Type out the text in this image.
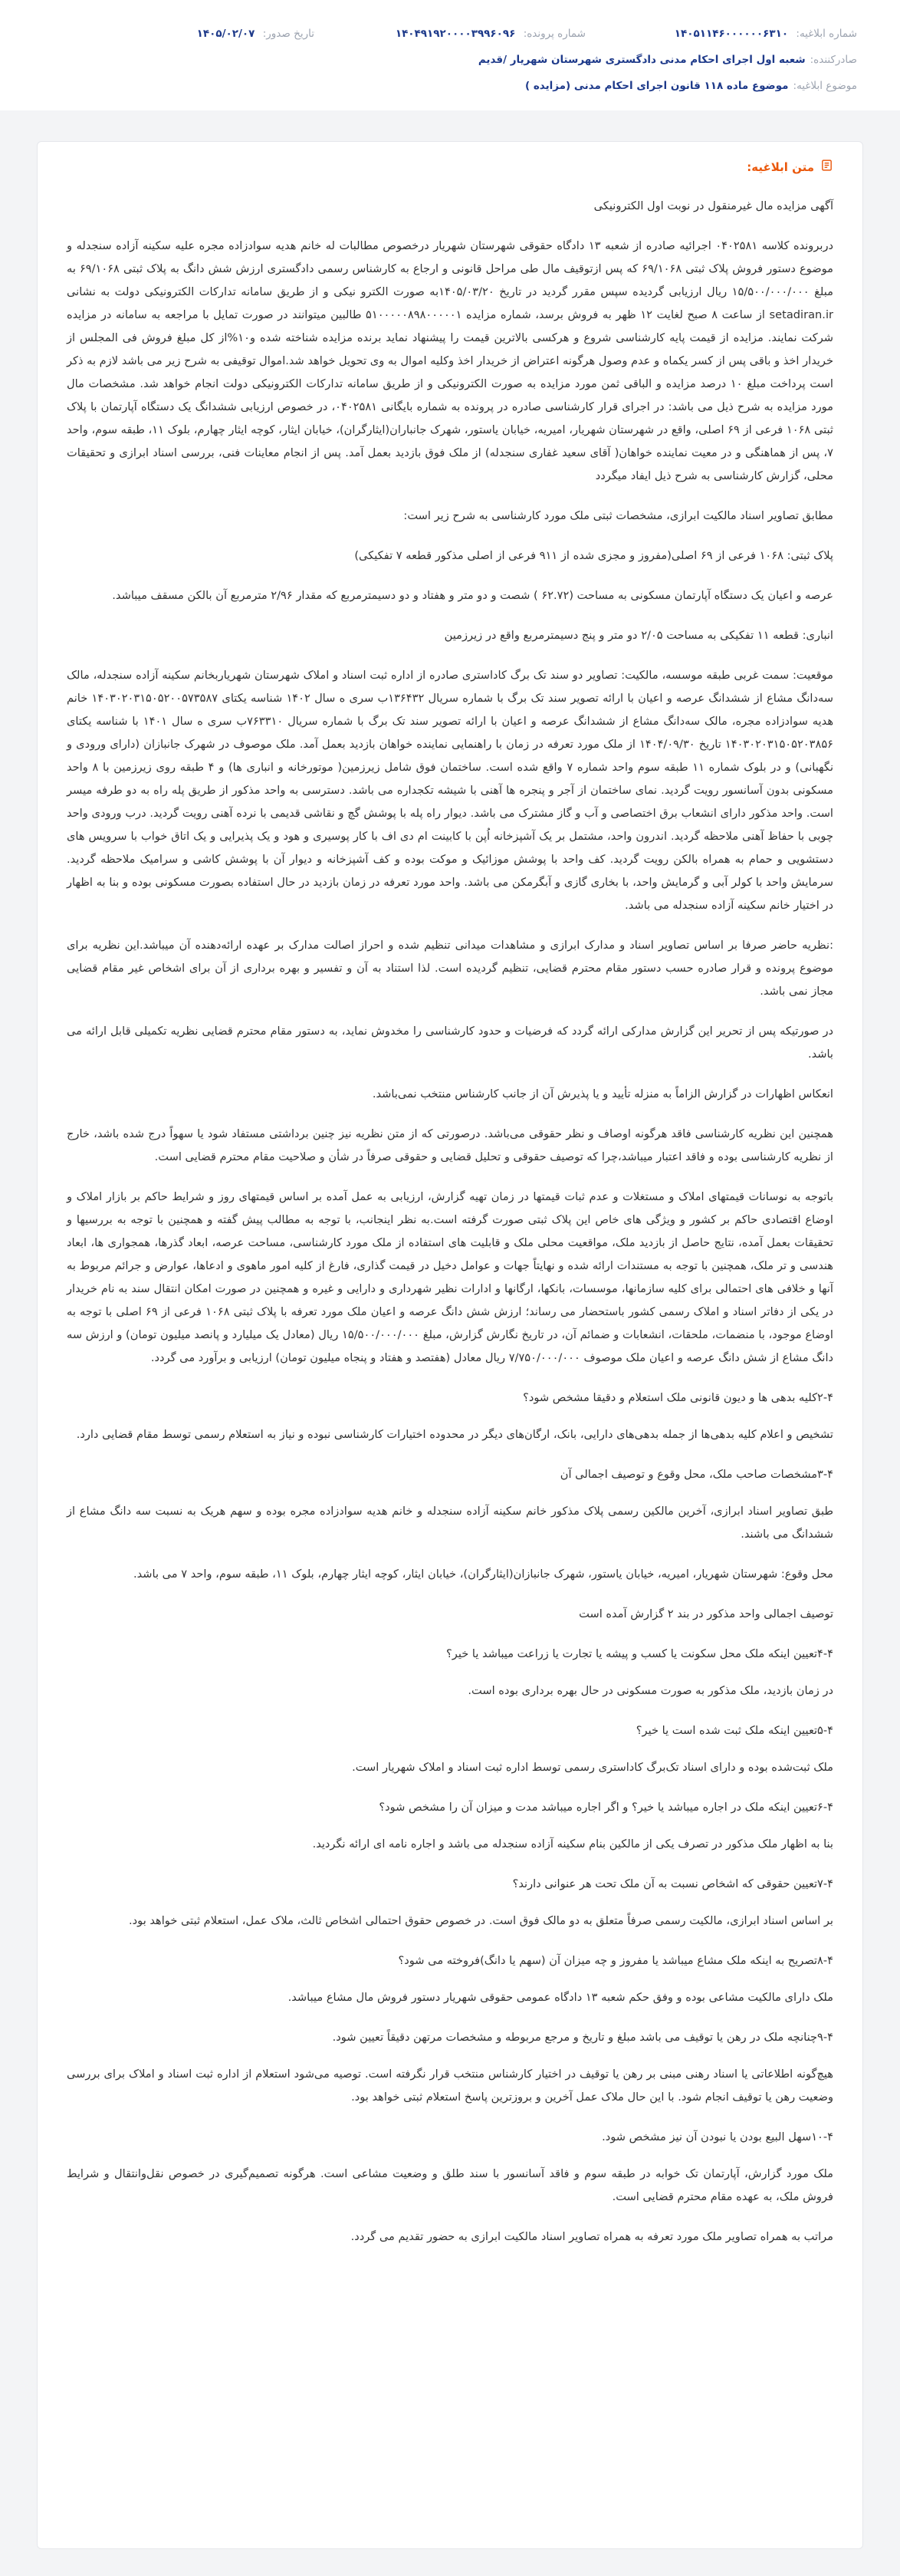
شماره ابلاغیه: ۱۴۰۵۱۱۴۶۰۰۰۰۰۰۶۳۱۰
شماره پرونده: ۱۴۰۴۹۱۹۲۰۰۰۰۳۹۹۶۰۹۶
تاریخ صدور: ۱۴۰۵/۰۲/۰۷
صادرکننده:
شعبه اول اجرای احکام مدنی دادگستری شهرستان شهریار /قدیم
موضوع ابلاغیه:
موضوع ماده ۱۱۸ قانون اجرای احکام مدنی (مزایده )
متن ابلاغیه:

آگهی مزایده مال غیرمنقول در نوبت اول الکترونیکی

دربرونده کلاسه ۰۴۰۲۵۸۱ اجرائیه صادره از شعبه ۱۳ دادگاه حقوقی شهرستان شهریار درخصوص مطالبات له خانم هدیه سوادزاده مجره علیه سکینه آزاده سنجدله و موضوع دستور فروش پلاک ثبتی ۶۹/۱۰۶۸ که پس ازتوقیف مال طی مراحل قانونی و ارجاع به کارشناس رسمی دادگستری ارزش شش دانگ به پلاک ثبتی ۶۹/۱۰۶۸ به مبلغ ۱۵/۵۰۰/۰۰۰/۰۰۰ ریال ارزیابی گردیده سپس مقرر گردید در تاریخ ۱۴۰۵/۰۳/۲۰به صورت الکترو نیکی و از طریق سامانه تدارکات الکترونیکی دولت به نشانی setadiran.ir از ساعت ۸ صبح لغایت ۱۲ ظهر به فروش برسد، شماره مزایده ۵۱۰۰۰۰۰۸۹۸۰۰۰۰۰۱ طالبین میتوانند در صورت تمایل با مراجعه به سامانه در مزایده شرکت نمایند. مزایده از قیمت پایه کارشناسی شروع و هرکسی بالاترین قیمت را پیشنهاد نماید برنده مزایده شناخته شده و۱۰%از کل مبلغ فروش فی المجلس از خریدار اخذ و باقی پس از کسر یکماه و عدم وصول هرگونه اعتراض از خریدار اخذ وکلیه اموال به وی تحویل خواهد شد.اموال توقیفی به شرح زیر می باشد لازم به ذکر است پرداخت مبلغ ۱۰ درصد مزایده و الباقی ثمن مورد مزایده به صورت الکترونیکی و از طریق سامانه تدارکات الکترونیکی دولت انجام خواهد شد. مشخصات مال مورد مزایده به شرح ذیل می باشد: در اجرای قرار کارشناسی صادره در پرونده به شماره بایگانی ۰۴۰۲۵۸۱، در خصوص ارزیابی ششدانگ یک دستگاه آپارتمان با پلاک ثبتی ۱۰۶۸ فرعی از ۶۹ اصلی، واقع در شهرستان شهریار، امیریه، خیابان یاستور، شهرک جانباران(ایثارگران)، خیابان ایثار، کوچه ایثار چهارم، بلوک ۱۱، طبقه سوم، واحد ۷، پس از هماهنگی و در معیت نماینده خواهان( آقای سعید غفاری سنجدله) از ملک فوق بازدید بعمل آمد. پس از انجام معاینات فنی، بررسی اسناد ابرازی و تحقیقات محلی، گزارش کارشناسی به شرح ذیل ایفاد میگردد

مطابق تصاویر اسناد مالکیت ابرازی، مشخصات ثبتی ملک مورد کارشناسی به شرح زیر است:

پلاک ثبتی: ۱۰۶۸ فرعی از ۶۹ اصلی(مفروز و مجزی شده از ۹۱۱ فرعی از اصلی مذکور قطعه ۷ تفکیکی)

عرصه و اعیان یک دستگاه آپارتمان مسکونی به مساحت (۶۲.۷۲ ) شصت و دو متر و هفتاد و دو دسیمترمربع که مقدار ۲/۹۶ مترمربع آن بالکن مسقف میباشد.

انباری: قطعه ۱۱ تفکیکی به مساحت ۲/۰۵ دو متر و پنج دسیمترمربع واقع در زیرزمین

موقعیت: سمت غربی طبقه موسسه، مالکیت: تصاویر دو سند تک برگ کاداستری صادره از اداره ثبت اسناد و املاک شهرستان شهریاربخانم سکینه آزاده سنجدله، مالک سه‌دانگ مشاع از ششدانگ عرصه و اعیان با ارائه تصویر سند تک برگ با شماره سریال ۱۳۶۴۳۲ب سری ه سال ۱۴۰۲ شناسه یکتای ۱۴۰۳۰۲۰۳۱۵۰۵۲۰۰۵۷۳۵۸۷ خانم هدیه سوادزاده مجره، مالک سه‌دانگ مشاع از ششدانگ عرصه و اعیان با ارائه تصویر سند تک برگ با شماره سریال ۷۶۳۳۱۰ب سری ه سال ۱۴۰۱ با شناسه یکتای ۱۴۰۳۰۲۰۳۱۵۰۵۲۰۳۸۵۶ تاریخ ۱۴۰۴/۰۹/۳۰ از ملک مورد تعرفه در زمان با راهنمایی نماینده خواهان بازدید بعمل آمد. ملک موصوف در شهرک جانبازان (دارای ورودی و نگهبانی) و در بلوک شماره ۱۱ طبقه سوم واحد شماره ۷ واقع شده است. ساختمان فوق شامل زیرزمین( موتورخانه و انباری ها) و ۴ طبقه روی زیرزمین با ۸ واحد مسکونی بدون آسانسور رویت گردید. نمای ساختمان از آجر و پنجره ها آهنی با شیشه تکجداره می باشد. دسترسی به واحد مذکور از طریق پله راه به دو طرفه میسر است. واحد مذکور دارای انشعاب برق اختصاصی و آب و گاز مشترک می باشد. دیوار راه پله با پوشش گچ و نقاشی قدیمی با نرده آهنی رویت گردید. درب ورودی واحد چوبی با حفاظ آهنی ملاحظه گردید. اندرون واحد، مشتمل بر یک آشپزخانه اُپن با کابینت ام دی اف با کار پوسیری و هود و یک پذیرایی و یک اتاق خواب با سرویس های دستشویی و حمام به همراه بالکن رویت گردید. کف واحد با پوشش موزائیک و موکت بوده و کف آشپزخانه و دیوار آن با پوشش کاشی و سرامیک ملاحظه گردید. سرمایش واحد با کولر آبی و گرمایش واحد، با بخاری گازی و آبگرمکن می باشد. واحد مورد تعرفه در زمان بازدید در حال استفاده بصورت مسکونی بوده و بنا به اظهار در اختیار خانم سکینه آزاده سنجدله می باشد.

:نظریه حاضر صرفا بر اساس تصاویر اسناد و مدارک ابرازی و مشاهدات میدانی تنظیم شده و احراز اصالت مدارک بر عهده ارائه‌دهنده آن میباشد.این نظریه برای موضوع پرونده و قرار صادره حسب دستور مقام محترم قضایی، تنظیم گردیده است. لذا استناد به آن و تفسیر و بهره برداری از آن برای اشخاص غیر مقام قضایی مجاز نمی باشد.

در صورتیکه پس از تحریر این گزارش مدارکی ارائه گردد که فرضیات و حدود کارشناسی را مخدوش نماید، به دستور مقام محترم قضایی نظریه تکمیلی قابل ارائه می باشد.

انعکاس اظهارات در گزارش الزاماً به منزله تأیید و یا پذیرش آن از جانب کارشناس منتخب نمی‌باشد.

همچنین این نظریه کارشناسی فاقد هرگونه اوصاف و نظر حقوقی می‌باشد. درصورتی که از متن نظریه نیز چنین برداشتی مستفاد شود یا سهواً درج شده باشد، خارج از نظریه کارشناسی بوده و فاقد اعتبار میباشد،چرا که توصیف حقوقی و تحلیل قضایی و حقوقی صرفاً در شأن و صلاحیت مقام محترم قضایی است.

باتوجه به نوسانات قیمتهای املاک و مستغلات و عدم ثبات قیمتها در زمان تهیه گزارش، ارزیابی به عمل آمده بر اساس قیمتهای روز و شرایط حاکم بر بازار املاک و اوضاع اقتصادی حاکم بر کشور و ویژگی های خاص این پلاک ثبتی صورت گرفته است.به نظر اینجانب، با توجه به مطالب پیش گفته و همچنین با توجه به بررسیها و تحقیقات بعمل آمده، نتایج حاصل از بازدید ملک، مواقعیت محلی ملک و قابلیت های استفاده از ملک مورد کارشناسی، مساحت عرصه، ابعاد گذرها، همجواری ها، ابعاد هندسی و تر ملک، همچنین با توجه به مستندات ارائه شده و نهایتاً جهات و عوامل دخیل در قیمت گذاری، فارغ از کلیه امور ماهوی و ادعاها، عوارض و جرائم مربوط به آنها و خلافی های احتمالی برای کلیه سازمانها، موسسات، بانکها، ارگانها و ادارات نظیر شهرداری و دارایی و غیره و همچنین در صورت امکان انتقال سند به نام خریدار در یکی از دفاتر اسناد و املاک رسمی کشور باستحضار می رساند؛ ارزش شش دانگ عرصه و اعیان ملک مورد تعرفه با پلاک ثبتی ۱۰۶۸ فرعی از ۶۹ اصلی با توجه به اوضاع موجود، با منضمات، ملحقات، انشعابات و ضمائم آن، در تاریخ نگارش گزارش، مبلغ ۱۵/۵۰۰/۰۰۰/۰۰۰ ریال (معادل یک میلیارد و پانصد میلیون تومان) و ارزش سه دانگ مشاع از شش دانگ عرصه و اعیان ملک موصوف ۷/۷۵۰/۰۰۰/۰۰۰ ریال معادل (هفتصد و هفتاد و پنجاه میلیون تومان) ارزیابی و برآورد می گردد.

۲-۴کلیه بدهی ها و دیون قانونی ملک استعلام و دقیقا مشخص شود؟

تشخیص و اعلام کلیه بدهی‌ها از جمله بدهی‌های دارایی، بانک، ارگان‌های دیگر در محدوده اختیارات کارشناسی نبوده و نیاز به استعلام رسمی توسط مقام قضایی دارد.

۳-۴مشخصات صاحب ملک، محل وقوع و توصیف اجمالی آن

طبق تصاویر اسناد ابرازی، آخرین مالکین رسمی پلاک مذکور خانم سکینه آزاده سنجدله و خانم هدیه سوادزاده مجره بوده و سهم هریک به نسبت سه دانگ مشاع از ششدانگ می باشند.

محل وقوع: شهرستان شهریار، امیریه، خیابان یاستور، شهرک جانبازان(ایثارگران)، خیابان ایثار، کوچه ایثار چهارم، بلوک ۱۱، طبقه سوم، واحد ۷ می باشد.

توصیف اجمالی واحد مذکور در بند ۲ گزارش آمده است

۴-۴تعیین اینکه ملک محل سکونت یا کسب و پیشه یا تجارت یا زراعت میباشد یا خیر؟

در زمان بازدید، ملک مذکور به صورت مسکونی در حال بهره برداری بوده است.

۵-۴تعیین اینکه ملک ثبت شده است یا خیر؟

ملک ثبت‌شده بوده و دارای اسناد تک‌برگ کاداستری رسمی توسط اداره ثبت اسناد و املاک شهریار است.

۶-۴تعیین اینکه ملک در اجاره میباشد یا خیر؟ و اگر اجاره میباشد مدت و میزان آن را مشخص شود؟

بنا به اظهار ملک مذکور در تصرف یکی از مالکین بنام سکینه آزاده سنجدله می باشد و اجاره نامه ای ارائه نگردید.

۷-۴تعیین حقوقی که اشخاص نسبت به آن ملک تحت هر عنوانی دارند؟

بر اساس اسناد ابرازی، مالکیت رسمی صرفاً متعلق به دو مالک فوق است. در خصوص حقوق احتمالی اشخاص ثالث، ملاک عمل، استعلام ثبتی خواهد بود.

۸-۴تصریح به اینکه ملک مشاع میباشد یا مفروز و چه میزان آن (سهم یا دانگ)فروخته می شود؟

ملک دارای مالکیت مشاعی بوده و وفق حکم شعبه ۱۳ دادگاه عمومی حقوقی شهریار دستور فروش مال مشاع میباشد.

۹-۴چنانچه ملک در رهن یا توقیف می باشد مبلغ و تاریخ و مرجع مربوطه و مشخصات مرتهن دقیقاً تعیین شود.

هیچ‌گونه اطلاعاتی یا اسناد رهنی مبنی بر رهن یا توقیف در اختیار کارشناس منتخب قرار نگرفته است. توصیه می‌شود استعلام از اداره ثبت اسناد و املاک برای بررسی وضعیت رهن یا توقیف انجام شود. با این حال ملاک عمل آخرین و بروزترین پاسخ استعلام ثبتی خواهد بود.

۱۰-۴سهل البیع بودن یا نبودن آن نیز مشخص شود.

ملک مورد گزارش، آپارتمان تک خوابه در طبقه سوم و فاقد آسانسور با سند طلق و وضعیت مشاعی است. هرگونه تصمیم‌گیری در خصوص نقل‌وانتقال و شرایط فروش ملک، به عهده مقام محترم قضایی است.

مراتب به همراه تصاویر ملک مورد تعرفه به همراه تصاویر اسناد مالکیت ابرازی به حضور تقدیم می گردد.
